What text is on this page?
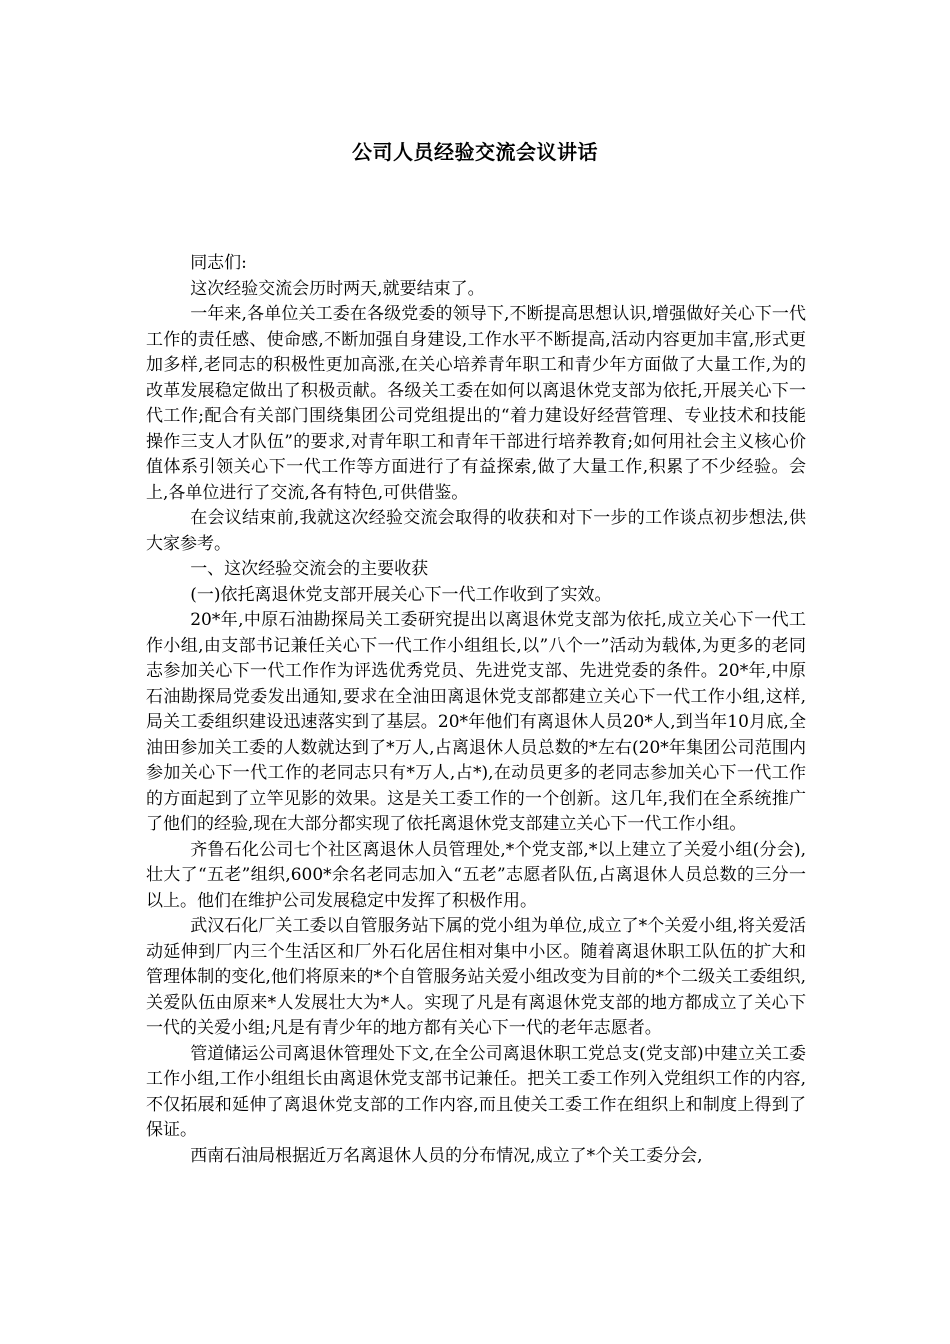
公司人员经验交流会议讲话

同志们:

这次经验交流会历时两天,就要结束了。

一年来,各单位关工委在各级党委的领导下,不断提高思想认识,增强做好关心下一代工作的责任感、使命感,不断加强自身建设,工作水平不断提高,活动内容更加丰富,形式更加多样,老同志的积极性更加高涨,在关心培养青年职工和青少年方面做了大量工作,为的改革发展稳定做出了积极贡献。各级关工委在如何以离退休党支部为依托,开展关心下一代工作;配合有关部门围绕集团公司党组提出的“着力建设好经营管理、专业技术和技能操作三支人才队伍”的要求,对青年职工和青年干部进行培养教育;如何用社会主义核心价值体系引领关心下一代工作等方面进行了有益探索,做了大量工作,积累了不少经验。会上,各单位进行了交流,各有特色,可供借鉴。

在会议结束前,我就这次经验交流会取得的收获和对下一步的工作谈点初步想法,供大家参考。

一、这次经验交流会的主要收获

(一)依托离退休党支部开展关心下一代工作收到了实效。

20*年,中原石油勘探局关工委研究提出以离退休党支部为依托,成立关心下一代工作小组,由支部书记兼任关心下一代工作小组组长,以”八个一”活动为载体,为更多的老同志参加关心下一代工作作为评选优秀党员、先进党支部、先进党委的条件。20*年,中原石油勘探局党委发出通知,要求在全油田离退休党支部都建立关心下一代工作小组,这样,局关工委组织建设迅速落实到了基层。20*年他们有离退休人员20*人,到当年10月底,全油田参加关工委的人数就达到了*万人,占离退休人员总数的*左右(20*年集团公司范围内参加关心下一代工作的老同志只有*万人,占*),在动员更多的老同志参加关心下一代工作的方面起到了立竿见影的效果。这是关工委工作的一个创新。这几年,我们在全系统推广了他们的经验,现在大部分都实现了依托离退休党支部建立关心下一代工作小组。

齐鲁石化公司七个社区离退休人员管理处,*个党支部,*以上建立了关爱小组(分会),壮大了“五老”组织,600*余名老同志加入“五老”志愿者队伍,占离退休人员总数的三分一以上。他们在维护公司发展稳定中发挥了积极作用。

武汉石化厂关工委以自管服务站下属的党小组为单位,成立了*个关爱小组,将关爱活动延伸到厂内三个生活区和厂外石化居住相对集中小区。随着离退休职工队伍的扩大和管理体制的变化,他们将原来的*个自管服务站关爱小组改变为目前的*个二级关工委组织,关爱队伍由原来*人发展壮大为*人。实现了凡是有离退休党支部的地方都成立了关心下一代的关爱小组;凡是有青少年的地方都有关心下一代的老年志愿者。

管道储运公司离退休管理处下文,在全公司离退休职工党总支(党支部)中建立关工委工作小组,工作小组组长由离退休党支部书记兼任。把关工委工作列入党组织工作的内容,不仅拓展和延伸了离退休党支部的工作内容,而且使关工委工作在组织上和制度上得到了保证。

西南石油局根据近万名离退休人员的分布情况,成立了*个关工委分会,
